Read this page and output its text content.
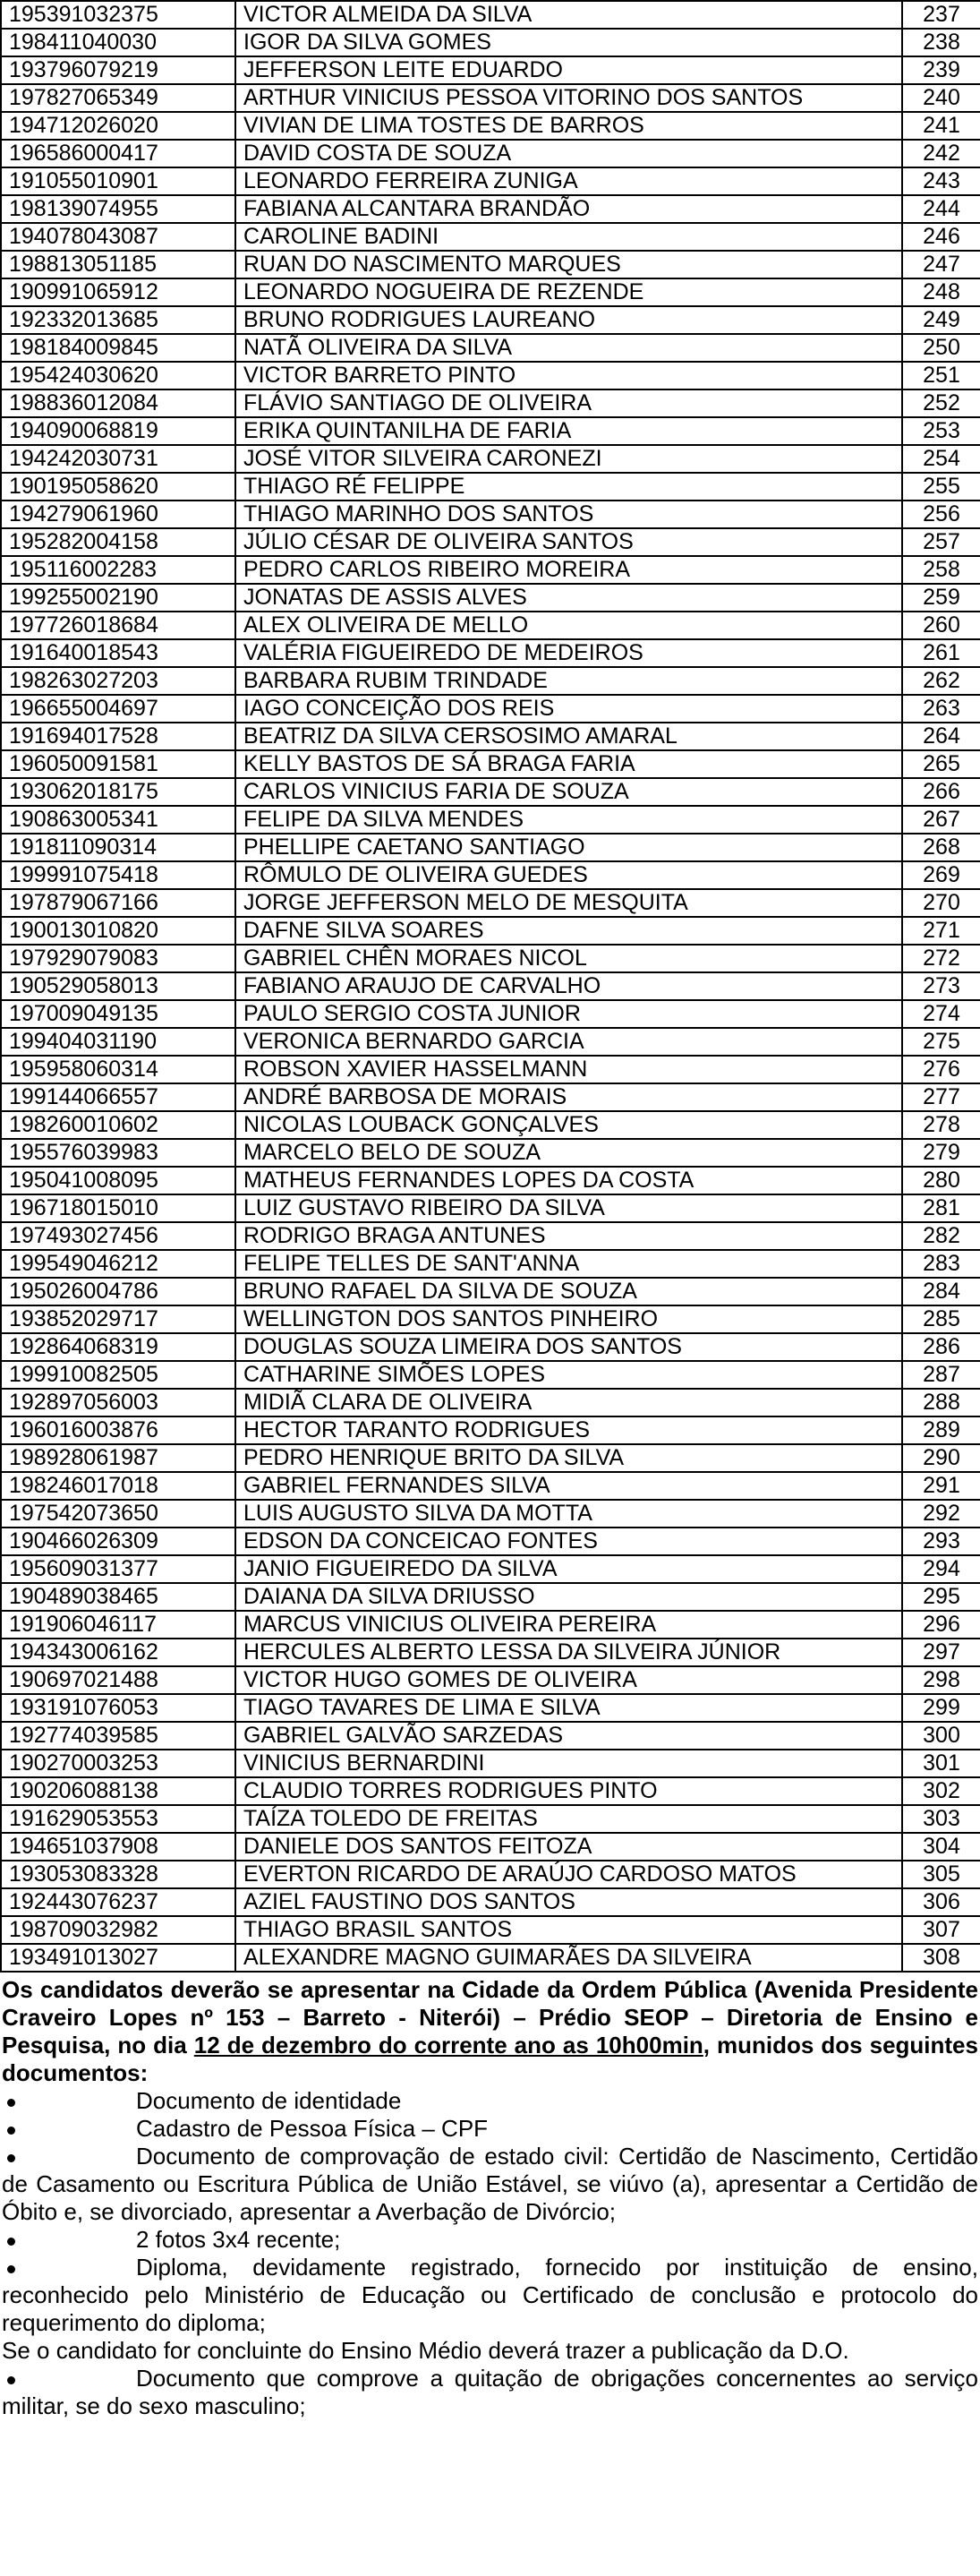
195391032375	VICTOR ALMEIDA DA SILVA	237
198411040030	IGOR DA SILVA GOMES	238
193796079219	JEFFERSON LEITE EDUARDO	239
197827065349	ARTHUR VINICIUS PESSOA VITORINO DOS SANTOS	240
194712026020	VIVIAN DE LIMA TOSTES DE BARROS	241
196586000417	DAVID COSTA DE SOUZA	242
191055010901	LEONARDO FERREIRA ZUNIGA	243
198139074955	FABIANA ALCANTARA BRANDÃO	244
194078043087	CAROLINE BADINI	246
198813051185	RUAN DO NASCIMENTO MARQUES	247
190991065912	LEONARDO NOGUEIRA DE REZENDE	248
192332013685	BRUNO RODRIGUES LAUREANO	249
198184009845	NATÃ OLIVEIRA DA SILVA	250
195424030620	VICTOR BARRETO PINTO	251
198836012084	FLÁVIO SANTIAGO DE OLIVEIRA	252
194090068819	ERIKA QUINTANILHA DE FARIA	253
194242030731	JOSÉ VITOR SILVEIRA CARONEZI	254
190195058620	THIAGO RÉ FELIPPE	255
194279061960	THIAGO MARINHO DOS SANTOS	256
195282004158	JÚLIO CÉSAR DE OLIVEIRA SANTOS	257
195116002283	PEDRO CARLOS RIBEIRO MOREIRA	258
199255002190	JONATAS DE ASSIS ALVES	259
197726018684	ALEX OLIVEIRA DE MELLO	260
191640018543	VALÉRIA FIGUEIREDO DE MEDEIROS	261
198263027203	BARBARA RUBIM TRINDADE	262
196655004697	IAGO CONCEIÇÃO DOS REIS	263
191694017528	BEATRIZ DA SILVA CERSOSIMO AMARAL	264
196050091581	KELLY BASTOS DE SÁ BRAGA FARIA	265
193062018175	CARLOS VINICIUS FARIA DE SOUZA	266
190863005341	FELIPE DA SILVA MENDES	267
191811090314	PHELLIPE CAETANO SANTIAGO	268
199991075418	RÔMULO DE OLIVEIRA GUEDES	269
197879067166	JORGE JEFFERSON MELO DE MESQUITA	270
190013010820	DAFNE SILVA SOARES	271
197929079083	GABRIEL CHÊN MORAES NICOL	272
190529058013	FABIANO ARAUJO DE CARVALHO	273
197009049135	PAULO SERGIO COSTA JUNIOR	274
199404031190	VERONICA BERNARDO GARCIA	275
195958060314	ROBSON XAVIER HASSELMANN	276
199144066557	ANDRÉ BARBOSA DE MORAIS	277
198260010602	NICOLAS LOUBACK GONÇALVES	278
195576039983	MARCELO BELO DE SOUZA	279
195041008095	MATHEUS FERNANDES LOPES DA COSTA	280
196718015010	LUIZ GUSTAVO RIBEIRO DA SILVA	281
197493027456	RODRIGO BRAGA ANTUNES	282
199549046212	FELIPE TELLES DE SANT'ANNA	283
195026004786	BRUNO RAFAEL DA SILVA DE SOUZA	284
193852029717	WELLINGTON DOS SANTOS PINHEIRO	285
192864068319	DOUGLAS SOUZA LIMEIRA DOS SANTOS	286
199910082505	CATHARINE SIMÕES LOPES	287
192897056003	MIDIÃ CLARA DE OLIVEIRA	288
196016003876	HECTOR TARANTO RODRIGUES	289
198928061987	PEDRO HENRIQUE BRITO DA SILVA	290
198246017018	GABRIEL FERNANDES SILVA	291
197542073650	LUIS AUGUSTO SILVA DA MOTTA	292
190466026309	EDSON DA CONCEICAO FONTES	293
195609031377	JANIO FIGUEIREDO DA SILVA	294
190489038465	DAIANA DA SILVA DRIUSSO	295
191906046117	MARCUS VINICIUS OLIVEIRA PEREIRA	296
194343006162	HERCULES ALBERTO LESSA DA SILVEIRA JÚNIOR	297
190697021488	VICTOR HUGO GOMES DE OLIVEIRA	298
193191076053	TIAGO TAVARES DE LIMA E SILVA	299
192774039585	GABRIEL GALVÃO SARZEDAS	300
190270003253	VINICIUS BERNARDINI	301
190206088138	CLAUDIO TORRES RODRIGUES PINTO	302
191629053553	TAÍZA TOLEDO DE FREITAS	303
194651037908	DANIELE DOS SANTOS FEITOZA	304
193053083328	EVERTON RICARDO DE ARAÚJO CARDOSO MATOS	305
192443076237	AZIEL FAUSTINO DOS SANTOS	306
198709032982	THIAGO BRASIL SANTOS	307
193491013027	ALEXANDRE MAGNO GUIMARÃES DA SILVEIRA	308
Os candidatos deverão se apresentar na Cidade da Ordem Pública (Avenida Presidente Craveiro Lopes nº 153 – Barreto - Niterói) – Prédio SEOP – Diretoria de Ensino e Pesquisa, no dia 12 de dezembro do corrente ano as 10h00min, munidos dos seguintes documentos:
Documento de identidade
Cadastro de Pessoa Física – CPF
Documento de comprovação de estado civil: Certidão de Nascimento, Certidão de Casamento ou Escritura Pública de União Estável, se viúvo (a), apresentar a Certidão de Óbito e, se divorciado, apresentar a Averbação de Divórcio;
2 fotos 3x4 recente;
Diploma, devidamente registrado, fornecido por instituição de ensino, reconhecido pelo Ministério de Educação ou Certificado de conclusão e protocolo do requerimento do diploma;
Se o candidato for concluinte do Ensino Médio deverá trazer a publicação da D.O.
Documento que comprove a quitação de obrigações concernentes ao serviço militar, se do sexo masculino;
